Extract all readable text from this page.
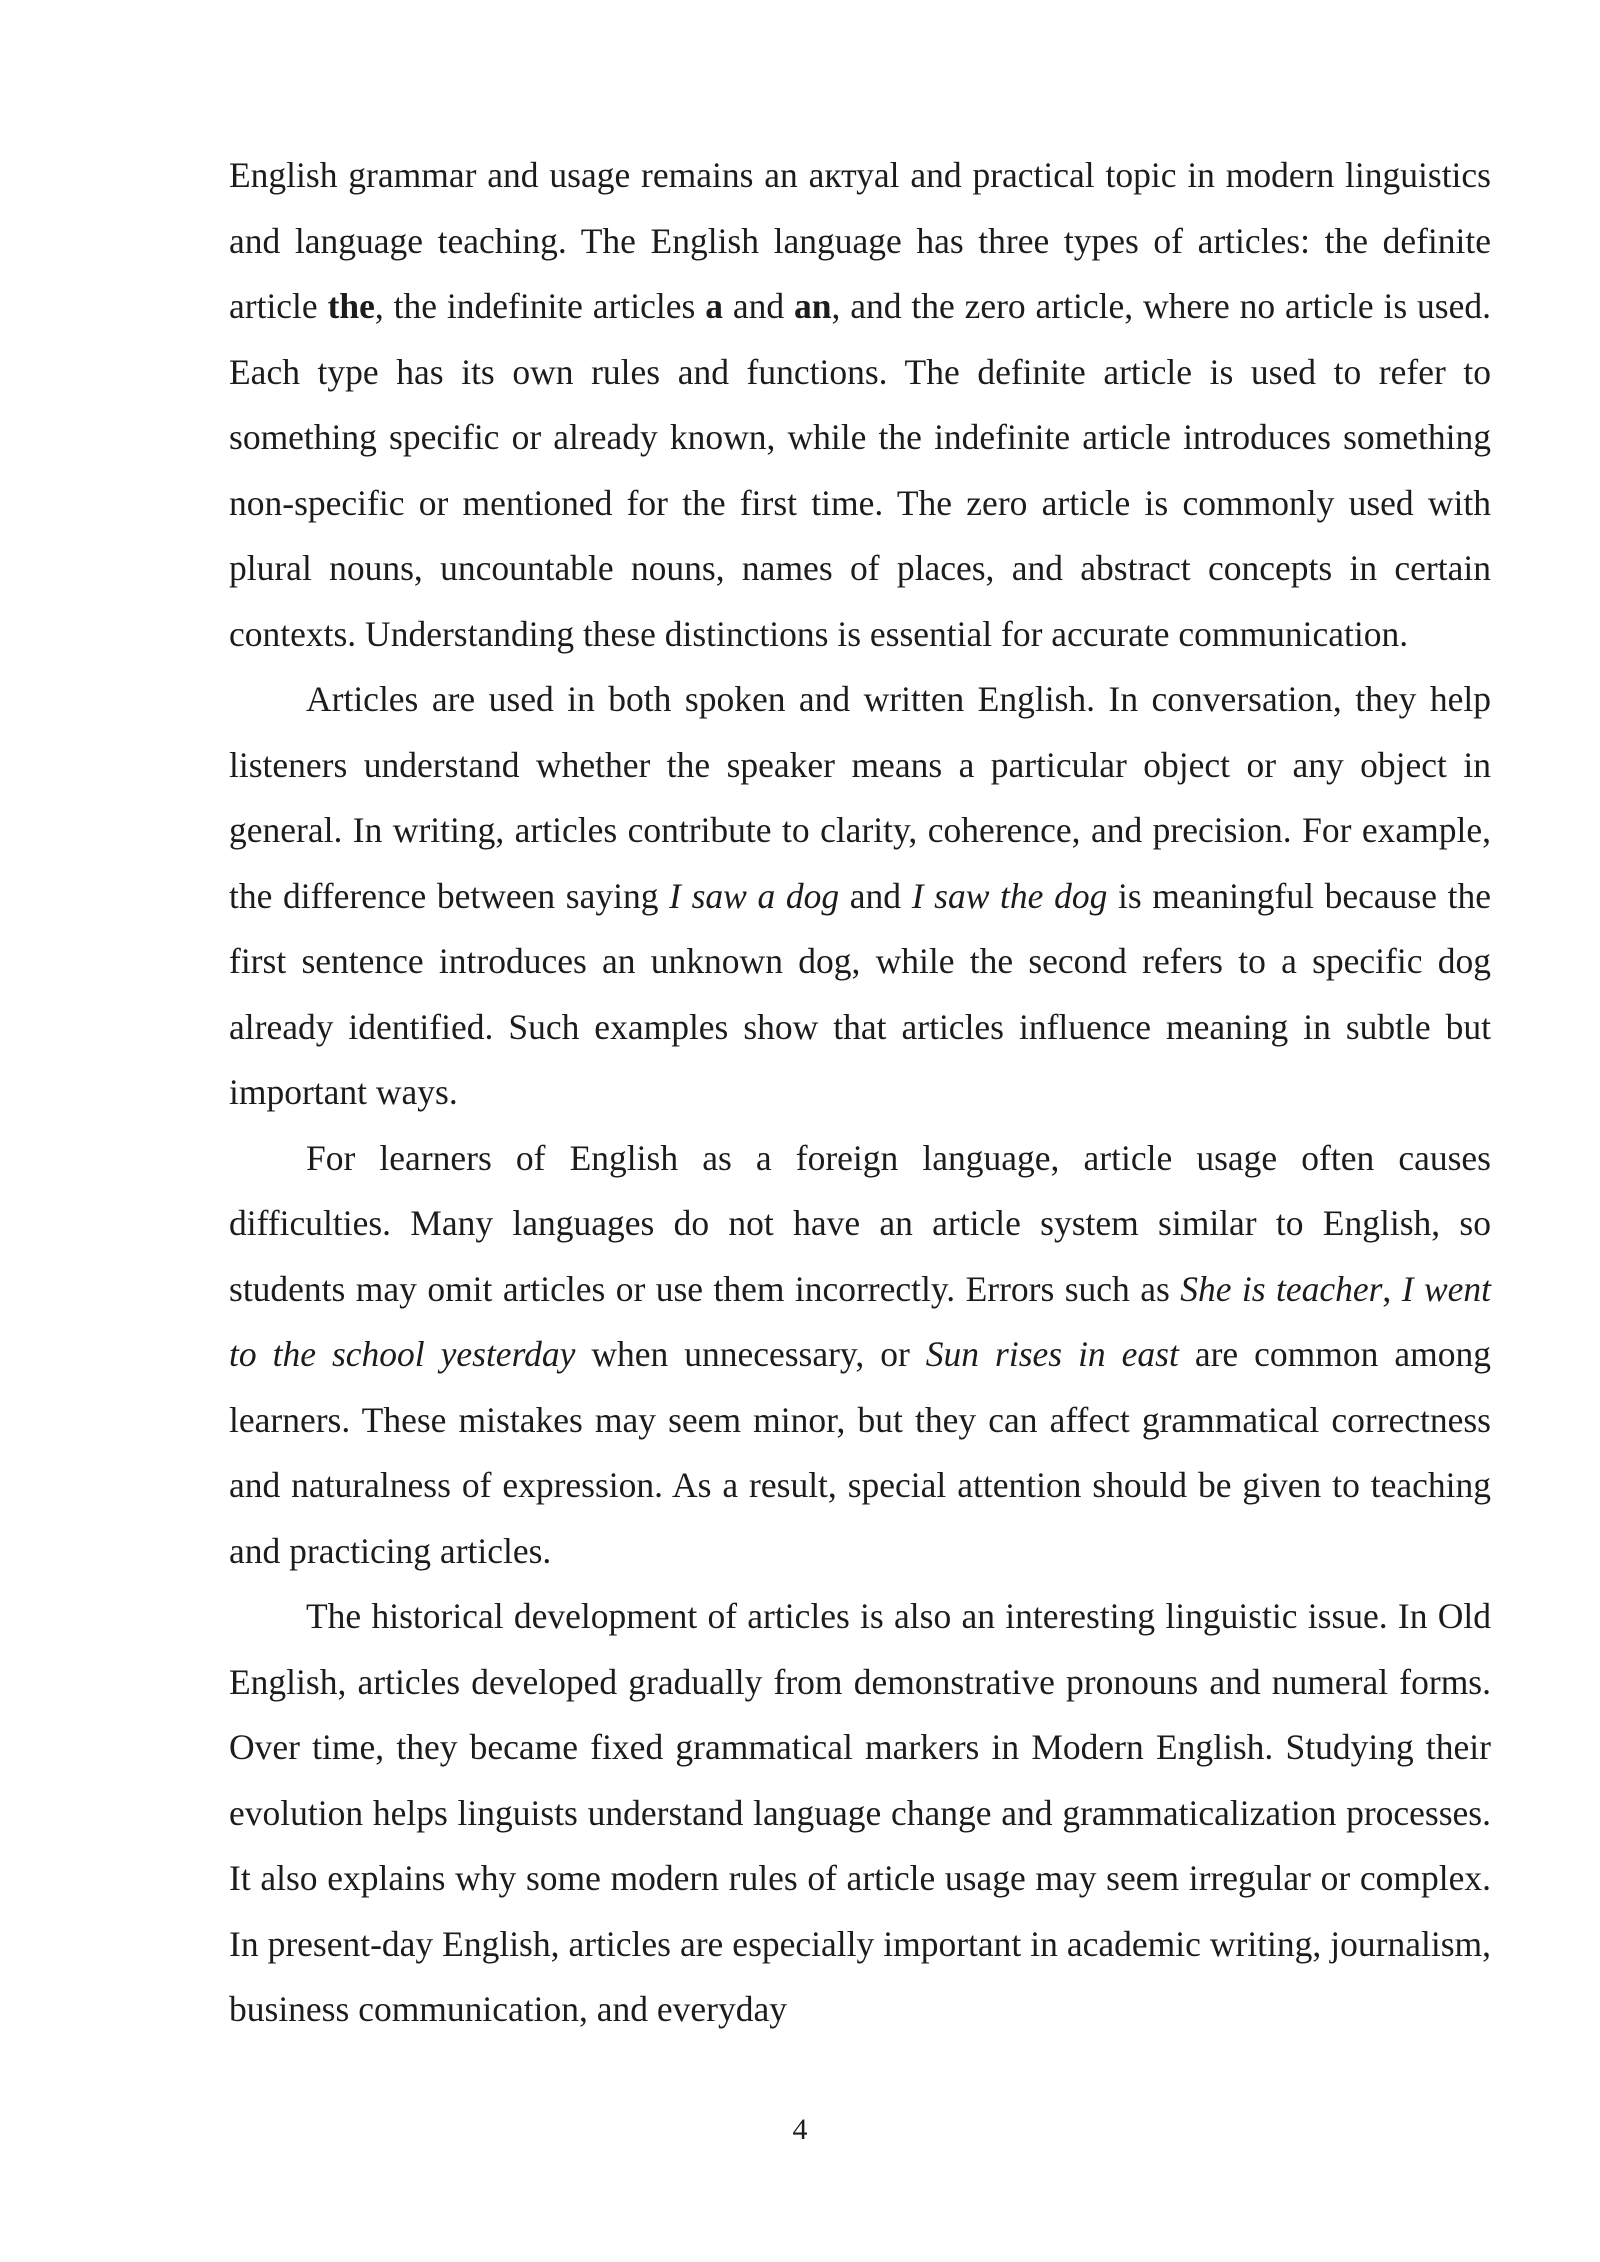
English grammar and usage remains an актуal and practical topic in modern linguistics and language teaching. The English language has three types of articles: the definite article the, the indefinite articles a and an, and the zero article, where no article is used. Each type has its own rules and functions. The definite article is used to refer to something specific or already known, while the indefinite article introduces something non-specific or mentioned for the first time. The zero article is commonly used with plural nouns, uncountable nouns, names of places, and abstract concepts in certain contexts. Understanding these distinctions is essential for accurate communication.

Articles are used in both spoken and written English. In conversation, they help listeners understand whether the speaker means a particular object or any object in general. In writing, articles contribute to clarity, coherence, and precision. For example, the difference between saying I saw a dog and I saw the dog is meaningful because the first sentence introduces an unknown dog, while the second refers to a specific dog already identified. Such examples show that articles influence meaning in subtle but important ways.

For learners of English as a foreign language, article usage often causes difficulties. Many languages do not have an article system similar to English, so students may omit articles or use them incorrectly. Errors such as She is teacher, I went to the school yesterday when unnecessary, or Sun rises in east are common among learners. These mistakes may seem minor, but they can affect grammatical correctness and naturalness of expression. As a result, special attention should be given to teaching and practicing articles.

The historical development of articles is also an interesting linguistic issue. In Old English, articles developed gradually from demonstrative pronouns and numeral forms. Over time, they became fixed grammatical markers in Modern English. Studying their evolution helps linguists understand language change and grammaticalization processes. It also explains why some modern rules of article usage may seem irregular or complex. In present-day English, articles are especially important in academic writing, journalism, business communication, and everyday

4
